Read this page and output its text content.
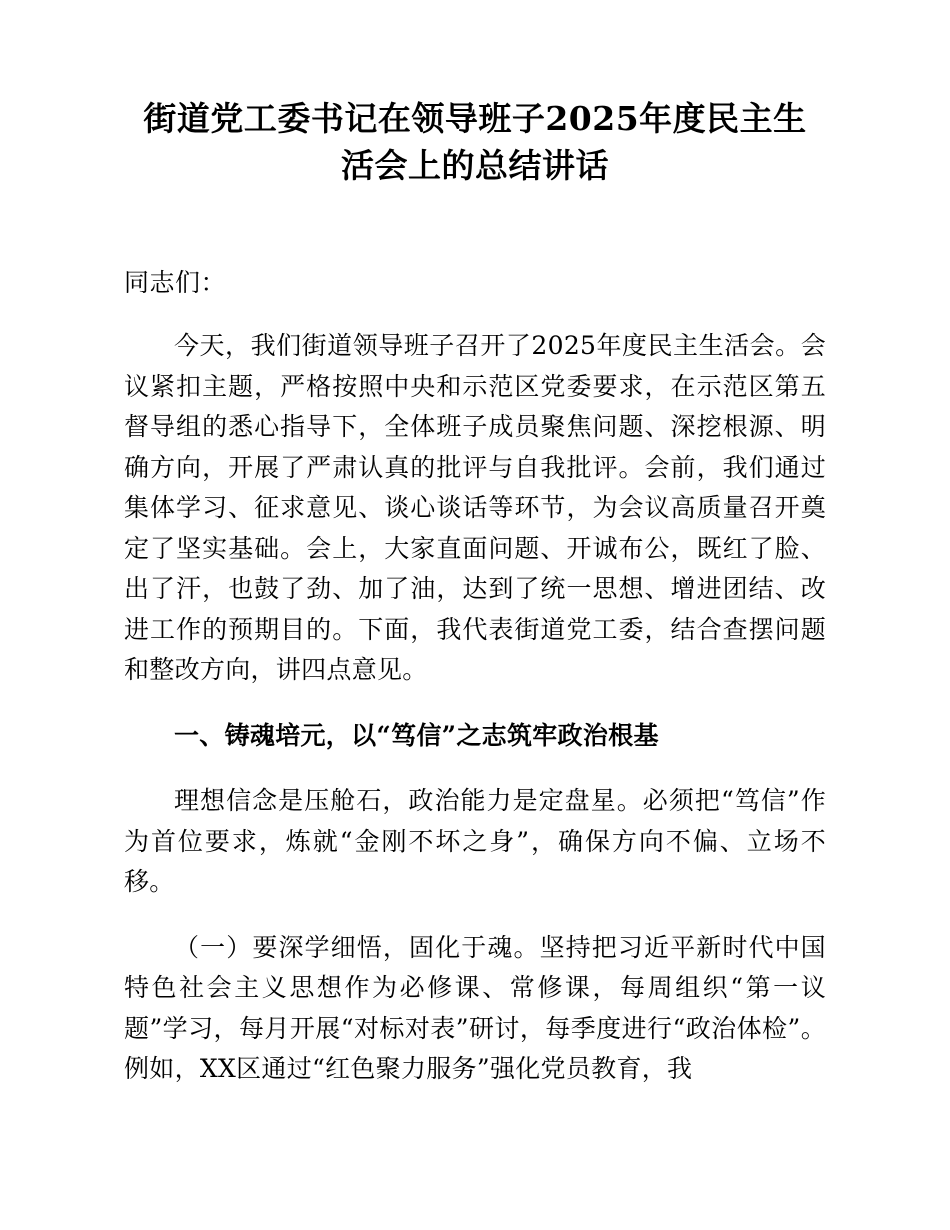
街道党工委书记在领导班子2025年度民主生活会上的总结讲话

同志们：

今天，我们街道领导班子召开了2025年度民主生活会。会议紧扣主题，严格按照中央和示范区党委要求，在示范区第五督导组的悉心指导下，全体班子成员聚焦问题、深挖根源、明确方向，开展了严肃认真的批评与自我批评。会前，我们通过集体学习、征求意见、谈心谈话等环节，为会议高质量召开奠定了坚实基础。会上，大家直面问题、开诚布公，既红了脸、出了汗，也鼓了劲、加了油，达到了统一思想、增进团结、改进工作的预期目的。下面，我代表街道党工委，结合查摆问题和整改方向，讲四点意见。

一、铸魂培元，以“笃信”之志筑牢政治根基

理想信念是压舱石，政治能力是定盘星。必须把“笃信”作为首位要求，炼就“金刚不坏之身”，确保方向不偏、立场不移。

（一）要深学细悟，固化于魂。坚持把习近平新时代中国特色社会主义思想作为必修课、常修课，每周组织“第一议题”学习，每月开展“对标对表”研讨，每季度进行“政治体检”。例如，XX区通过“红色聚力服务”强化党员教育，我
